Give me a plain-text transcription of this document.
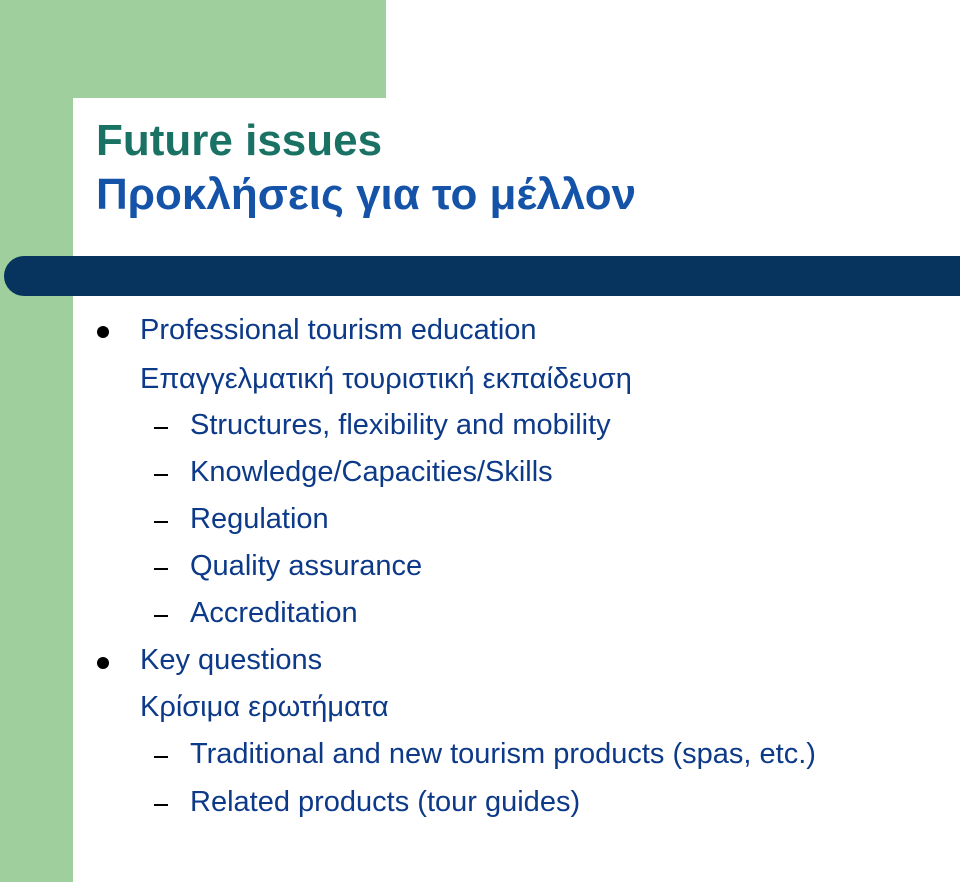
Future issues
Προκλήσεις για το μέλλον
Professional tourism education
Επαγγελματική τουριστική εκπαίδευση
Structures, flexibility and mobility
Knowledge/Capacities/Skills
Regulation
Quality assurance
Accreditation
Key questions
Κρίσιμα ερωτήματα
Traditional and new tourism products (spas, etc.)
Related products (tour guides)
